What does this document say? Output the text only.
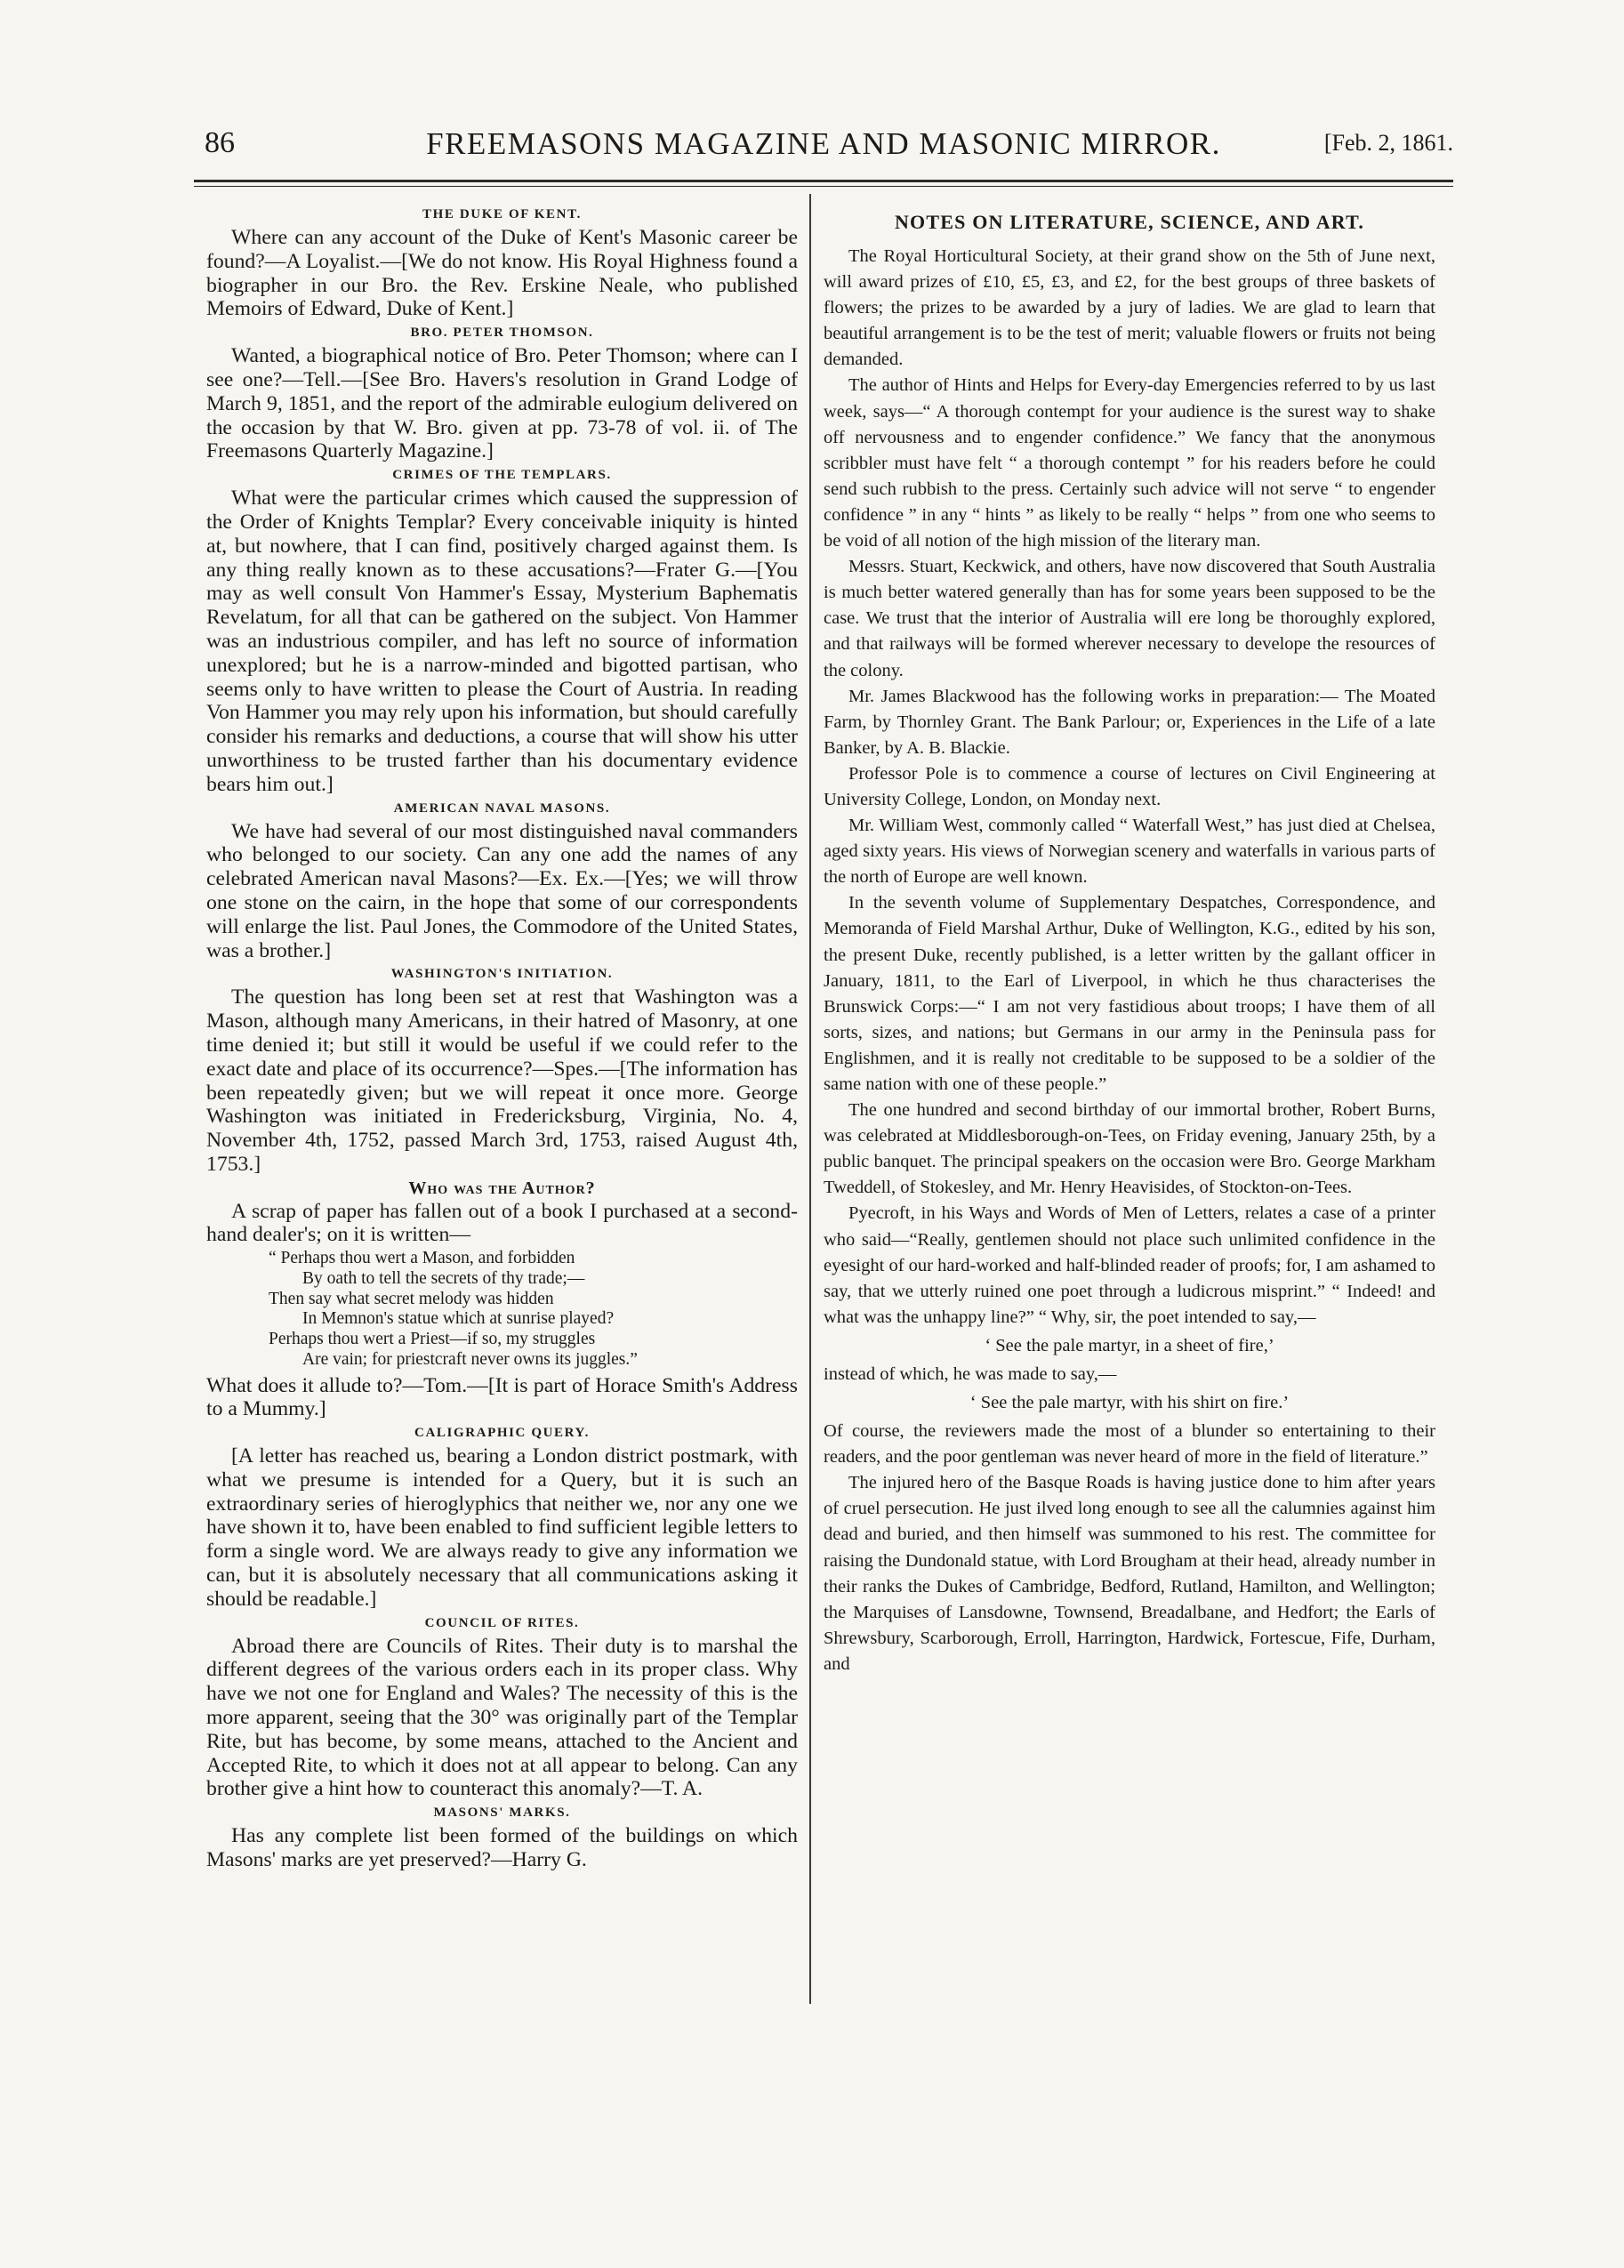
86	FREEMASONS MAGAZINE AND MASONIC MIRROR.	[Feb. 2, 1861.
THE DUKE OF KENT.

Where can any account of the Duke of Kent's Masonic career be found?—A Loyalist.—[We do not know. His Royal Highness found a biographer in our Bro. the Rev. Erskine Neale, who published Memoirs of Edward, Duke of Kent.]

BRO. PETER THOMSON.

Wanted, a biographical notice of Bro. Peter Thomson; where can I see one?—Tell.—[See Bro. Havers's resolution in Grand Lodge of March 9, 1851, and the report of the admirable eulogium delivered on the occasion by that W. Bro. given at pp. 73-78 of vol. ii. of The Freemasons Quarterly Magazine.]

CRIMES OF THE TEMPLARS.

What were the particular crimes which caused the suppression of the Order of Knights Templar? Every conceivable iniquity is hinted at, but nowhere, that I can find, positively charged against them. Is any thing really known as to these accusations?—Frater G.—[You may as well consult Von Hammer's Essay, Mysterium Baphematis Revelatum, for all that can be gathered on the subject. Von Hammer was an industrious compiler, and has left no source of information unexplored; but he is a narrow-minded and bigotted partisan, who seems only to have written to please the Court of Austria. In reading Von Hammer you may rely upon his information, but should carefully consider his remarks and deductions, a course that will show his utter unworthiness to be trusted farther than his documentary evidence bears him out.]

AMERICAN NAVAL MASONS.

We have had several of our most distinguished naval commanders who belonged to our society. Can any one add the names of any celebrated American naval Masons?—Ex. Ex.—[Yes; we will throw one stone on the cairn, in the hope that some of our correspondents will enlarge the list. Paul Jones, the Commodore of the United States, was a brother.]

WASHINGTON'S INITIATION.

The question has long been set at rest that Washington was a Mason, although many Americans, in their hatred of Masonry, at one time denied it; but still it would be useful if we could refer to the exact date and place of its occurrence?—Spes.—[The information has been repeatedly given; but we will repeat it once more. George Washington was initiated in Fredericksburg, Virginia, No. 4, November 4th, 1752, passed March 3rd, 1753, raised August 4th, 1753.]

Who was the Author?

A scrap of paper has fallen out of a book I purchased at a second-hand dealer's; on it is written—

“ Perhaps thou wert a Mason, and forbidden
By oath to tell the secrets of thy trade;—
Then say what secret melody was hidden
In Memnon's statue which at sunrise played?
Perhaps thou wert a Priest—if so, my struggles
Are vain; for priestcraft never owns its juggles.”

What does it allude to?—Tom.—[It is part of Horace Smith's Address to a Mummy.]

CALIGRAPHIC QUERY.

[A letter has reached us, bearing a London district postmark, with what we presume is intended for a Query, but it is such an extraordinary series of hieroglyphics that neither we, nor any one we have shown it to, have been enabled to find sufficient legible letters to form a single word. We are always ready to give any information we can, but it is absolutely necessary that all communications asking it should be readable.]

COUNCIL OF RITES.

Abroad there are Councils of Rites. Their duty is to marshal the different degrees of the various orders each in its proper class. Why have we not one for England and Wales? The necessity of this is the more apparent, seeing that the 30° was originally part of the Templar Rite, but has become, by some means, attached to the Ancient and Accepted Rite, to which it does not at all appear to belong. Can any brother give a hint how to counteract this anomaly?—T. A.

MASONS' MARKS.

Has any complete list been formed of the buildings on which Masons' marks are yet preserved?—Harry G.

NOTES ON LITERATURE, SCIENCE, AND ART.

The Royal Horticultural Society, at their grand show on the 5th of June next, will award prizes of £10, £5, £3, and £2, for the best groups of three baskets of flowers; the prizes to be awarded by a jury of ladies. We are glad to learn that beautiful arrangement is to be the test of merit; valuable flowers or fruits not being demanded.

The author of Hints and Helps for Every-day Emergencies referred to by us last week, says—“ A thorough contempt for your audience is the surest way to shake off nervousness and to engender confidence.” We fancy that the anonymous scribbler must have felt “ a thorough contempt ” for his readers before he could send such rubbish to the press. Certainly such advice will not serve “ to engender confidence ” in any “ hints ” as likely to be really “ helps ” from one who seems to be void of all notion of the high mission of the literary man.

Messrs. Stuart, Keckwick, and others, have now discovered that South Australia is much better watered generally than has for some years been supposed to be the case. We trust that the interior of Australia will ere long be thoroughly explored, and that railways will be formed wherever necessary to develope the resources of the colony.

Mr. James Blackwood has the following works in preparation:— The Moated Farm, by Thornley Grant. The Bank Parlour; or, Experiences in the Life of a late Banker, by A. B. Blackie.

Professor Pole is to commence a course of lectures on Civil Engineering at University College, London, on Monday next.

Mr. William West, commonly called “ Waterfall West,” has just died at Chelsea, aged sixty years. His views of Norwegian scenery and waterfalls in various parts of the north of Europe are well known.

In the seventh volume of Supplementary Despatches, Correspondence, and Memoranda of Field Marshal Arthur, Duke of Wellington, K.G., edited by his son, the present Duke, recently published, is a letter written by the gallant officer in January, 1811, to the Earl of Liverpool, in which he thus characterises the Brunswick Corps:—“ I am not very fastidious about troops; I have them of all sorts, sizes, and nations; but Germans in our army in the Peninsula pass for Englishmen, and it is really not creditable to be supposed to be a soldier of the same nation with one of these people.”

The one hundred and second birthday of our immortal brother, Robert Burns, was celebrated at Middlesborough-on-Tees, on Friday evening, January 25th, by a public banquet. The principal speakers on the occasion were Bro. George Markham Tweddell, of Stokesley, and Mr. Henry Heavisides, of Stockton-on-Tees.

Pyecroft, in his Ways and Words of Men of Letters, relates a case of a printer who said—“Really, gentlemen should not place such unlimited confidence in the eyesight of our hard-worked and half-blinded reader of proofs; for, I am ashamed to say, that we utterly ruined one poet through a ludicrous misprint.” “ Indeed! and what was the unhappy line?” “ Why, sir, the poet intended to say,—

‘ See the pale martyr, in a sheet of fire,’

instead of which, he was made to say,—

‘ See the pale martyr, with his shirt on fire.’

Of course, the reviewers made the most of a blunder so entertaining to their readers, and the poor gentleman was never heard of more in the field of literature.”

The injured hero of the Basque Roads is having justice done to him after years of cruel persecution. He just ilved long enough to see all the calumnies against him dead and buried, and then himself was summoned to his rest. The committee for raising the Dundonald statue, with Lord Brougham at their head, already number in their ranks the Dukes of Cambridge, Bedford, Rutland, Hamilton, and Wellington; the Marquises of Lansdowne, Townsend, Breadalbane, and Hedfort; the Earls of Shrewsbury, Scarborough, Erroll, Harrington, Hardwick, Fortescue, Fife, Durham, and
